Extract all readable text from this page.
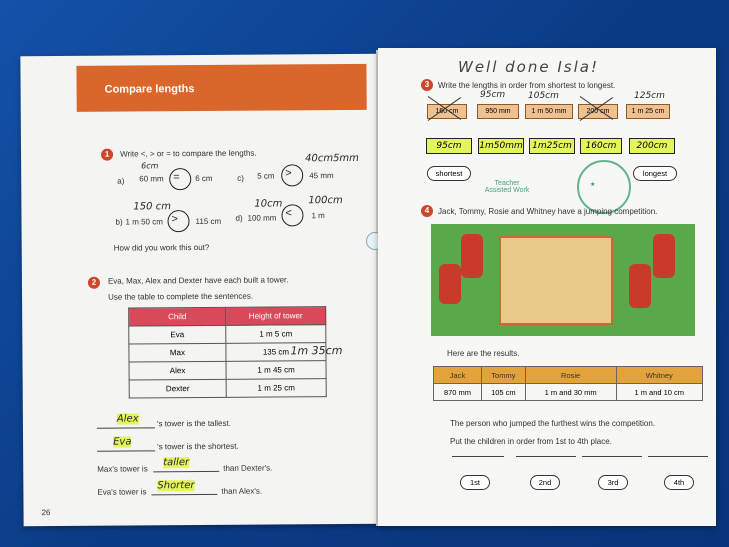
Compare lengths
1	Write <, > or = to compare the lengths.
a)
6cm
60 mm = 6 cm	c) 5 cm
40cm5mm
> 45 mm
150 cm
b) 1 m 50 cm > 115 cm d) 100 mm
10cm	100cm
< 1 m
How did you work this out?
2	Eva, Max, Alex and Dexter have each built a tower.
Use the table to complete the sentences.
Child	Height of tower
Eva	1 m 5 cm
Max	135 cm
Alex	1 m 45 cm
Dexter	1 m 25 cm
1m 35cm
Alex 's tower is the tallest.
Eva	's tower is the shortest.
Max's tower is
taller	than Dexter's.
Eva's tower is
Shorter	than Alex's.
26
Well done Isla!
3	Write the lengths in order from shortest to longest.
95cm	105cm	125cm
160 cm	950 mm	1 m 50 mm	200 cm	1 m 25 cm
95cm	1m50mm	1m25cm	160cm	200cm
shortest	longest
Teacher Assisted Work
★
4	Jack, Tommy, Rosie and Whitney have a jumping competition.
Here are the results.
Jack	Tommy	Rosie	Whitney
870 mm	105 cm	1 m and 30 mm	1 m and 10 cm
The person who jumped the furthest wins the competition.
Put the children in order from 1st to 4th place.
1st	2nd	3rd	4th
